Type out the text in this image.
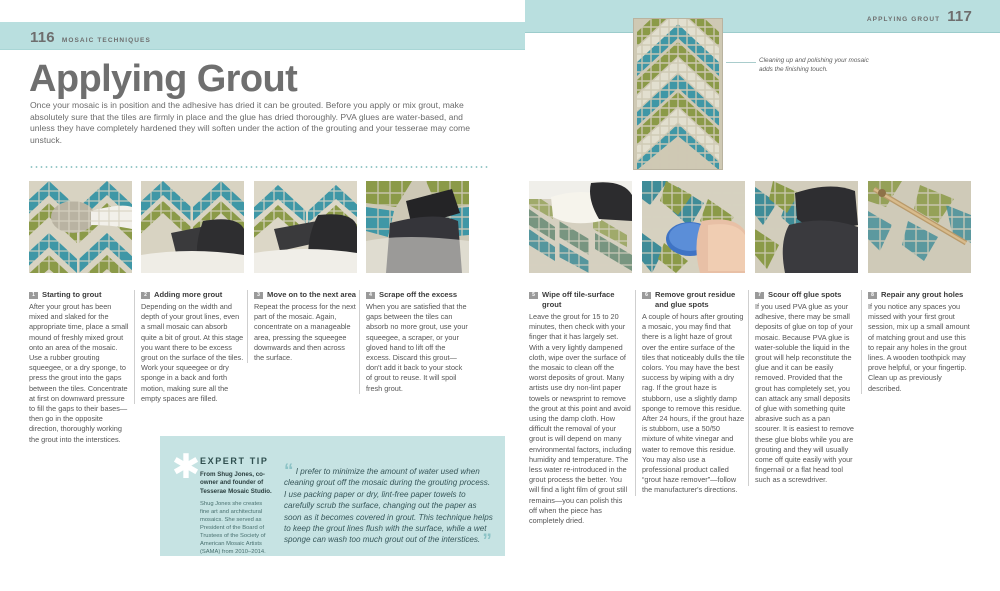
116 MOSAIC TECHNIQUES
APPLYING GROUT 117
Applying Grout
Once your mosaic is in position and the adhesive has dried it can be grouted. Before you apply or mix grout, make absolutely sure that the tiles are firmly in place and the glue has dried thoroughly. PVA glues are water-based, and unless they have completely hardened they will soften under the action of the grouting and your tesserae may come unstuck.
Cleaning up and polishing your mosaic adds the finishing touch.

1 Starting to grout

After your grout has been mixed and slaked for the appropriate time, place a small mound of freshly mixed grout onto an area of the mosaic. Use a rubber grouting squeegee, or a dry sponge, to press the grout into the gaps between the tiles. Concentrate at first on downward pressure to fill the gaps to their bases—then go in the opposite direction, thoroughly working the grout into the interstices.

2 Adding more grout

Depending on the width and depth of your grout lines, even a small mosaic can absorb quite a bit of grout. At this stage you want there to be excess grout on the surface of the tiles. Work your squeegee or dry sponge in a back and forth motion, making sure all the empty spaces are filled.

3 Move on to the next area

Repeat the process for the next part of the mosaic. Again, concentrate on a manageable area, pressing the squeegee downwards and then across the surface.

4 Scrape off the excess

When you are satisfied that the gaps between the tiles can absorb no more grout, use your squeegee, a scraper, or your gloved hand to lift off the excess. Discard this grout—don't add it back to your stock of grout to reuse. It will spoil fresh grout.

5 Wipe off tile-surface grout

Leave the grout for 15 to 20 minutes, then check with your finger that it has largely set. With a very lightly dampened cloth, wipe over the surface of the mosaic to clean off the worst deposits of grout. Many artists use dry non-lint paper towels or newsprint to remove the grout at this point and avoid using the damp cloth. How difficult the removal of your grout is will depend on many environmental factors, including humidity and temperature. The less water re-introduced in the grout process the better. You will find a light film of grout still remains—you can polish this off when the piece has completely dried.

6 Remove grout residue and glue spots

A couple of hours after grouting a mosaic, you may find that there is a light haze of grout over the entire surface of the tiles that noticeably dulls the tile colors. You may have the best success by wiping with a dry rag. If the grout haze is stubborn, use a slightly damp sponge to remove this residue. After 24 hours, if the grout haze is stubborn, use a 50/50 mixture of white vinegar and water to remove this residue. You may also use a professional product called “grout haze remover”—follow the manufacturer's directions.

7 Scour off glue spots

If you used PVA glue as your adhesive, there may be small deposits of glue on top of your mosaic. Because PVA glue is water-soluble the liquid in the grout will help reconstitute the glue and it can be easily removed. Provided that the grout has completely set, you can attack any small deposits of glue with something quite abrasive such as a pan scourer. It is easiest to remove these glue blobs while you are grouting and they will usually come off quite easily with your fingernail or a flat head tool such as a screwdriver.

8 Repair any grout holes

If you notice any spaces you missed with your first grout session, mix up a small amount of matching grout and use this to repair any holes in the grout lines. A wooden toothpick may prove helpful, or your fingertip. Clean up as previously described.

✱ EXPERT TIP
From Shug Jones, co-owner and founder of Tesserae Mosaic Studio.
Shug Jones she creates fine art and architectural mosaics. She served as President of the Board of Trustees of the Society of American Mosaic Artists (SAMA) from 2010–2014.
“ I prefer to minimize the amount of water used when cleaning grout off the mosaic during the grouting process. I use packing paper or dry, lint-free paper towels to carefully scrub the surface, changing out the paper as soon as it becomes covered in grout. This technique helps to keep the grout lines flush with the surface, while a wet sponge can wash too much grout out of the interstices. ”
